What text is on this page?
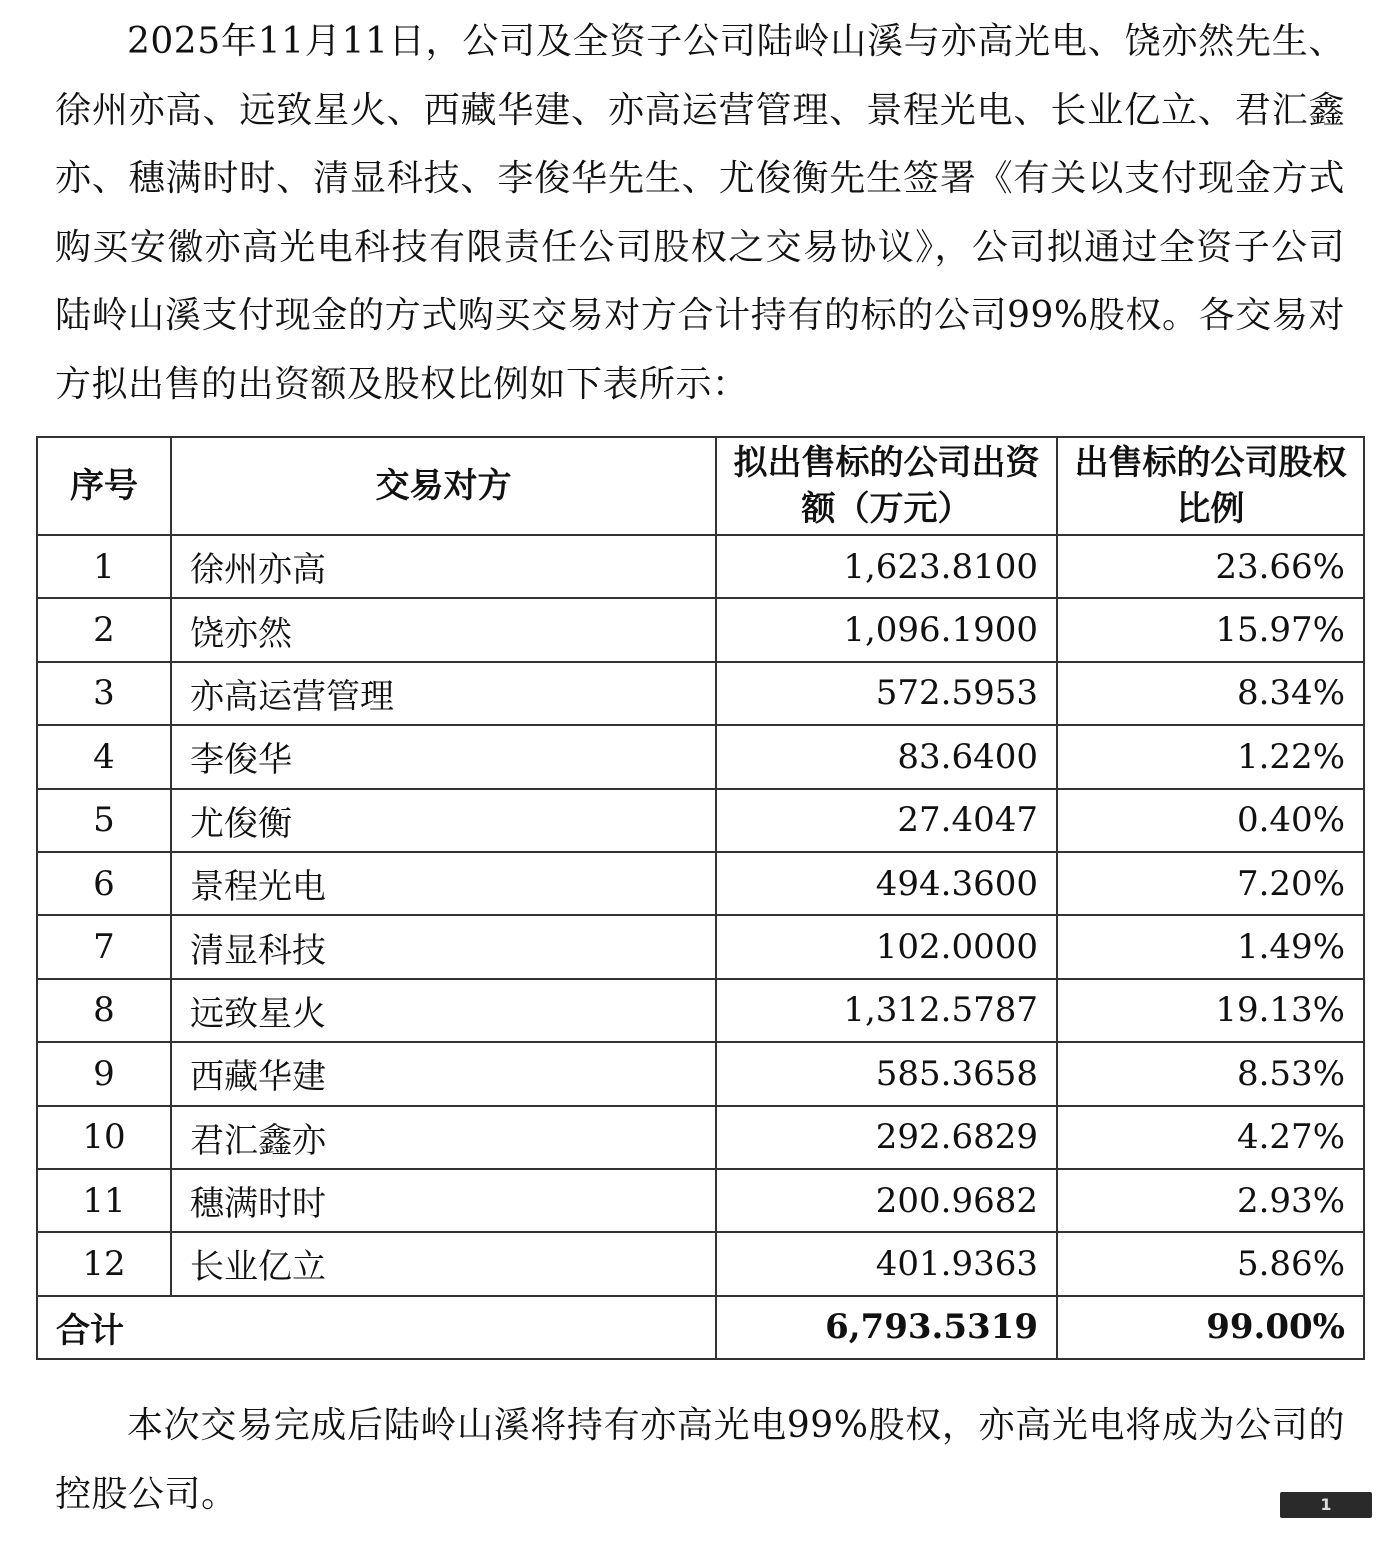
2025年11月11日，公司及全资子公司陆岭山溪与亦高光电、饶亦然先生、徐州亦高、远致星火、西藏华建、亦高运营管理、景程光电、长业亿立、君汇鑫亦、穗满时时、清显科技、李俊华先生、尤俊衡先生签署《有关以支付现金方式购买安徽亦高光电科技有限责任公司股权之交易协议》，公司拟通过全资子公司陆岭山溪支付现金的方式购买交易对方合计持有的标的公司99%股权。各交易对方拟出售的出资额及股权比例如下表所示：

序号	交易对方	拟出售标的公司出资额（万元）	出售标的公司股权比例
1	徐州亦高	1,623.8100	23.66%
2	饶亦然	1,096.1900	15.97%
3	亦高运营管理	572.5953	8.34%
4	李俊华	83.6400	1.22%
5	尤俊衡	27.4047	0.40%
6	景程光电	494.3600	7.20%
7	清显科技	102.0000	1.49%
8	远致星火	1,312.5787	19.13%
9	西藏华建	585.3658	8.53%
10	君汇鑫亦	292.6829	4.27%
11	穗满时时	200.9682	2.93%
12	长业亿立	401.9363	5.86%
合计		6,793.5319	99.00%

本次交易完成后陆岭山溪将持有亦高光电99%股权，亦高光电将成为公司的控股公司。	1
